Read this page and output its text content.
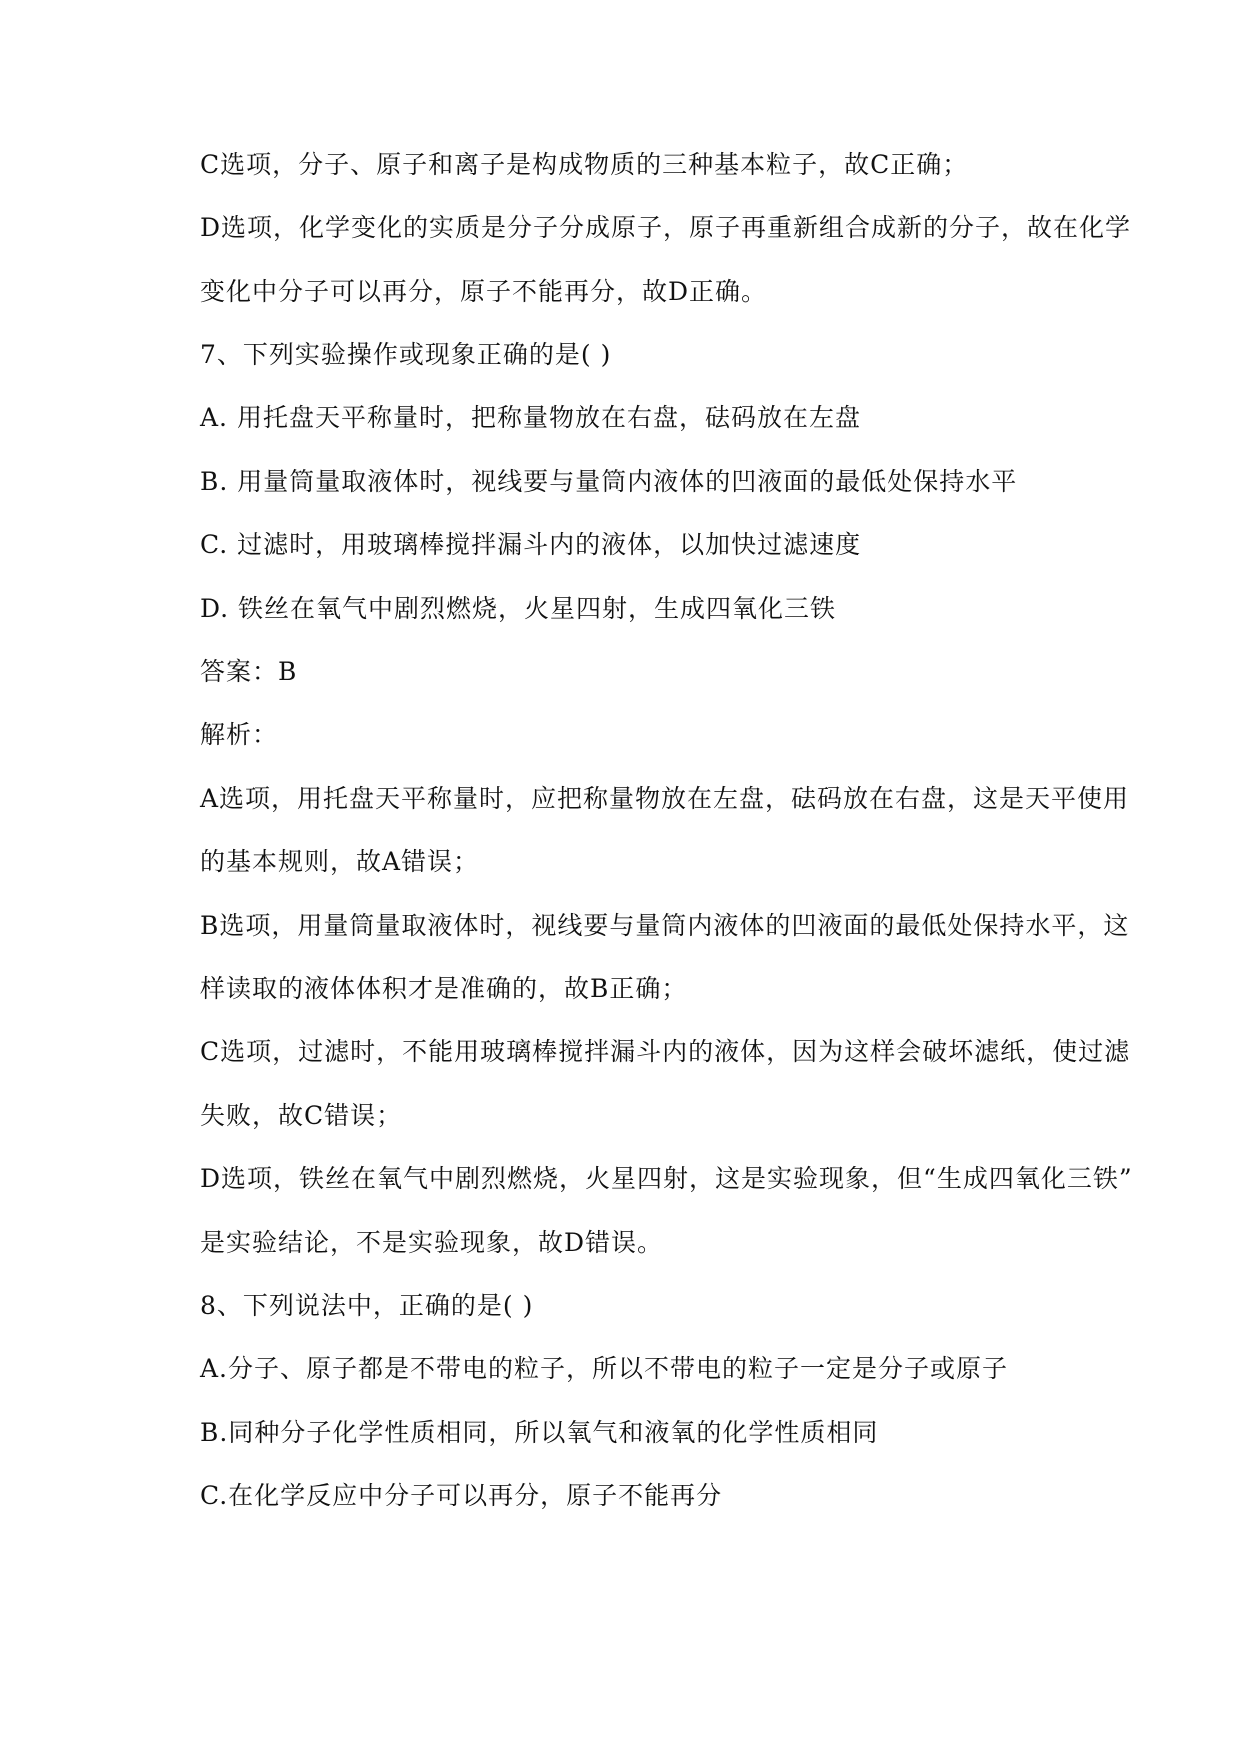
C选项，分子、原子和离子是构成物质的三种基本粒子，故C正确；
D选项，化学变化的实质是分子分成原子，原子再重新组合成新的分子，故在化学
变化中分子可以再分，原子不能再分，故D正确。
7、下列实验操作或现象正确的是( )
A. 用托盘天平称量时，把称量物放在右盘，砝码放在左盘
B. 用量筒量取液体时，视线要与量筒内液体的凹液面的最低处保持水平
C. 过滤时，用玻璃棒搅拌漏斗内的液体，以加快过滤速度
D. 铁丝在氧气中剧烈燃烧，火星四射，生成四氧化三铁
答案：B
解析：
A选项，用托盘天平称量时，应把称量物放在左盘，砝码放在右盘，这是天平使用
的基本规则，故A错误；
B选项，用量筒量取液体时，视线要与量筒内液体的凹液面的最低处保持水平，这
样读取的液体体积才是准确的，故B正确；
C选项，过滤时，不能用玻璃棒搅拌漏斗内的液体，因为这样会破坏滤纸，使过滤
失败，故C错误；
D选项，铁丝在氧气中剧烈燃烧，火星四射，这是实验现象，但“生成四氧化三铁”
是实验结论，不是实验现象，故D错误。
8、下列说法中，正确的是( )
A.分子、原子都是不带电的粒子，所以不带电的粒子一定是分子或原子
B.同种分子化学性质相同，所以氧气和液氧的化学性质相同
C.在化学反应中分子可以再分，原子不能再分
